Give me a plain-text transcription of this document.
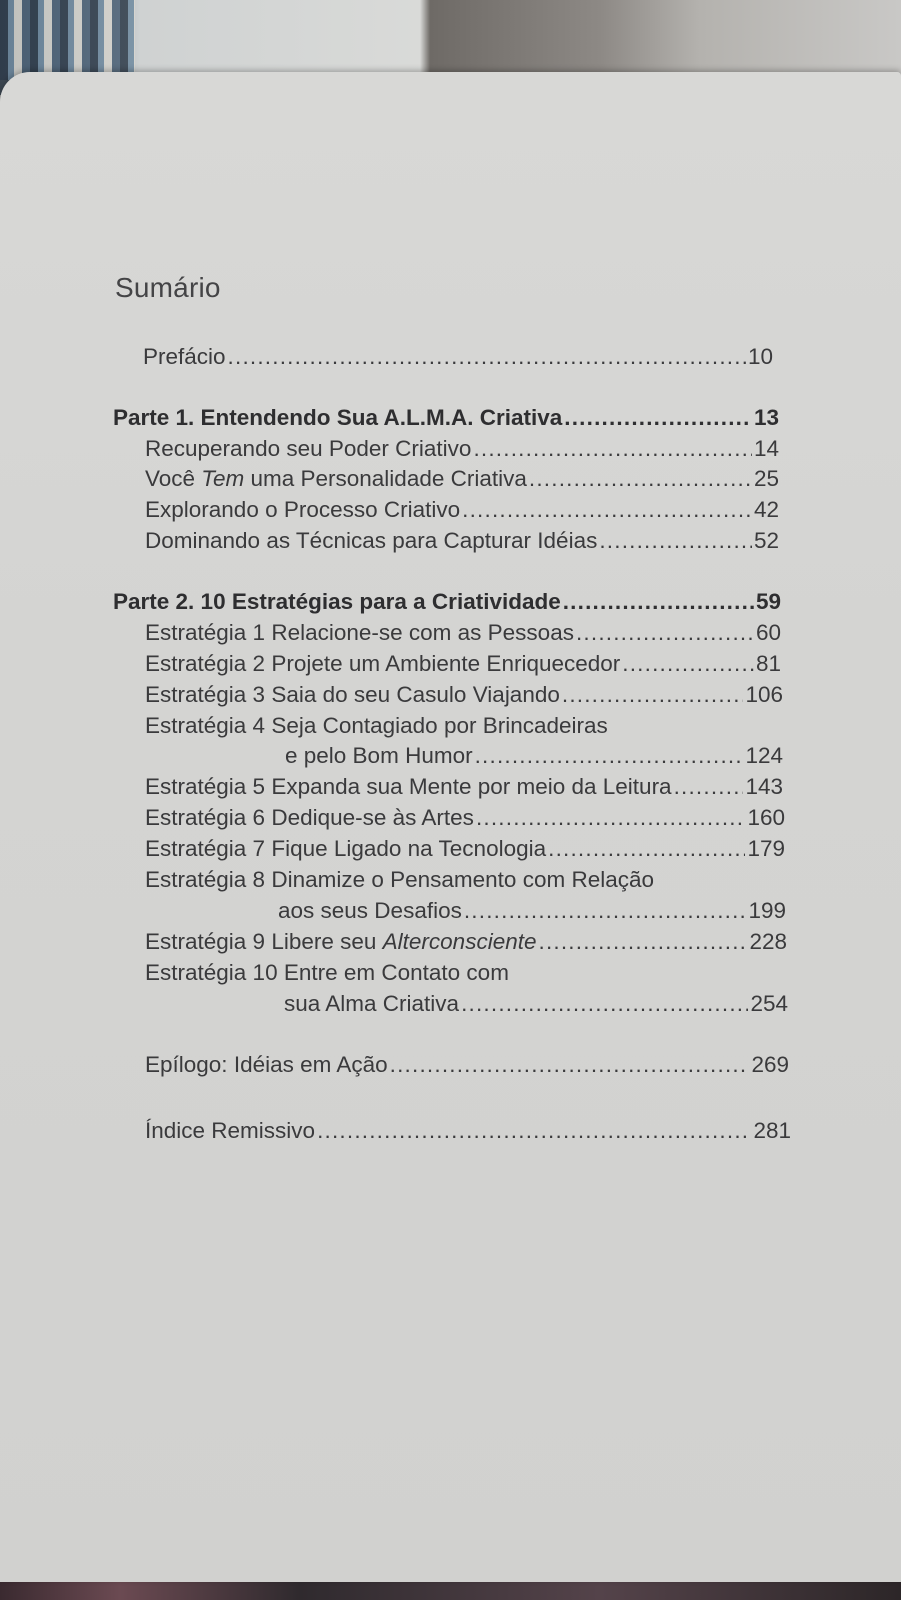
Sumário
Prefácio .....	10
Parte 1. Entendendo Sua A.L.M.A. Criativa .....	13
Recuperando seu Poder Criativo .....	14
Você Tem uma Personalidade Criativa .....	25
Explorando o Processo Criativo .....	42
Dominando as Técnicas para Capturar Idéias .....	52
Parte 2. 10 Estratégias para a Criatividade .....	59
Estratégia 1 Relacione-se com as Pessoas .....	60
Estratégia 2 Projete um Ambiente Enriquecedor .....	81
Estratégia 3 Saia do seu Casulo Viajando .....	106
Estratégia 4 Seja Contagiado por Brincadeiras
e pelo Bom Humor .....	124
Estratégia 5 Expanda sua Mente por meio da Leitura .....	143
Estratégia 6 Dedique-se às Artes .....	160
Estratégia 7 Fique Ligado na Tecnologia .....	179
Estratégia 8 Dinamize o Pensamento com Relação
aos seus Desafios .....	199
Estratégia 9 Libere seu Alterconsciente .....	228
Estratégia 10 Entre em Contato com
sua Alma Criativa .....	254
Epílogo: Idéias em Ação .....	269
Índice Remissivo .....	281
